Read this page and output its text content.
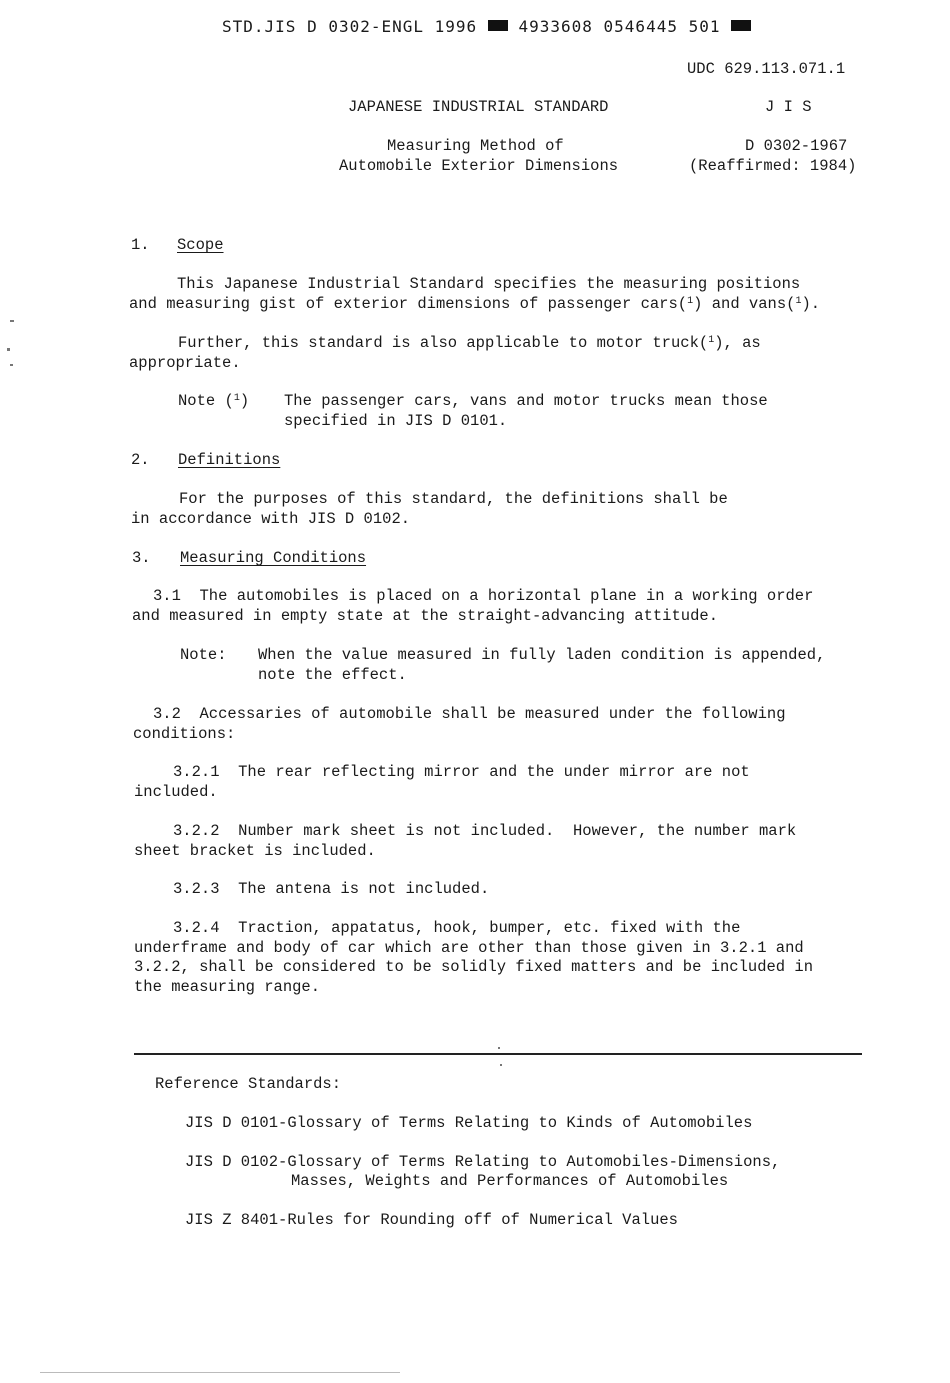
STD.JIS D 0302-ENGL 1996	4933608 0546445 501
UDC 629.113.071.1
JAPANESE INDUSTRIAL STANDARD	J I S
Measuring Method of
Automobile Exterior Dimensions
D 0302-1967
(Reaffirmed: 1984)
1. Scope
This Japanese Industrial Standard specifies the measuring positions
and measuring gist of exterior dimensions of passenger cars($^1$) and vans($^1$).
Further, this standard is also applicable to motor truck($^1$), as
appropriate.
Note ($^1$) The passenger cars, vans and motor trucks mean those
specified in JIS D 0101.
2. Definitions
For the purposes of this standard, the definitions shall be
in accordance with JIS D 0102.
3. Measuring Conditions
3.1  The automobiles is placed on a horizontal plane in a working order
and measured in empty state at the straight-advancing attitude.
Note: When the value measured in fully laden condition is appended,
note the effect.
3.2  Accessaries of automobile shall be measured under the following
conditions:
3.2.1  The rear reflecting mirror and the under mirror are not
included.
3.2.2  Number mark sheet is not included.  However, the number mark
sheet bracket is included.
3.2.3  The antena is not included.
3.2.4  Traction, appatatus, hook, bumper, etc. fixed with the
underframe and body of car which are other than those given in 3.2.1 and
3.2.2, shall be considered to be solidly fixed matters and be included in
the measuring range.
Reference Standards:
JIS D 0101-Glossary of Terms Relating to Kinds of Automobiles
JIS D 0102-Glossary of Terms Relating to Automobiles-Dimensions,
Masses, Weights and Performances of Automobiles
JIS Z 8401-Rules for Rounding off of Numerical Values
